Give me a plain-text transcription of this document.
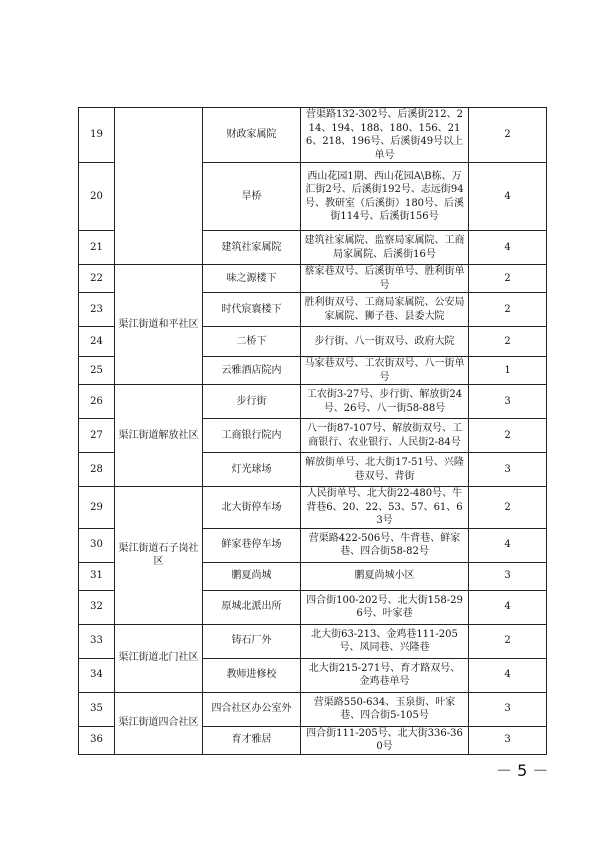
19		财政家属院	营渠路132-302号、后溪街212、214、194、188、180、156、216、218、196号、后溪街49号以上单号	2
20		旱桥	西山花园1期、西山花园A\B栋、万汇街2号、后溪街192号、志远街94号、教研室（后溪街）180号、后溪街114号、后溪街156号	4
21		建筑社家属院	建筑社家属院、监察局家属院、工商局家属院、后溪街16号	4
22	渠江街道和平社区	味之源楼下	蔡家巷双号、后溪街单号、胜利街单号	2
23		时代宸寰楼下	胜利街双号、工商局家属院、公安局家属院、狮子巷、县委大院	2
24		二桥下	步行街、八一街双号、政府大院	2
25		云雅酒店院内	马家巷双号、工农街双号、八一街单号	1
26	渠江街道解放社区	步行街	工农街3-27号、步行街、解放街24号、26号、八一街58-88号	3
27		工商银行院内	八一街87-107号、解放街双号、工商银行、农业银行、人民街2-84号	2
28		灯光球场	解放街单号、北大街17-51号、兴隆巷双号、背街	3
29	渠江街道石子岗社区	北大街停车场	人民街单号、北大街22-480号、牛背巷6、20、22、53、57、61、63号	2
30		鲜家巷停车场	营渠路422-506号、牛背巷、鲜家巷、四合街58-82号	4
31		鹏夏尚城	鹏夏尚城小区	3
32		原城北派出所	四合街100-202号、北大街158-296号、叶家巷	4
33	渠江街道北门社区	铸石厂外	北大街63-213、金鸡巷111-205号、凤同巷、兴隆巷	2
34		教师进修校	北大街215-271号、育才路双号、金鸡巷单号	4
35	渠江街道四合社区	四合社区办公室外	营渠路550-634、玉泉街、叶家巷、四合街5-105号	3
36		育才雅居	四合街111-205号、北大街336-360号	3
－ 5 －
